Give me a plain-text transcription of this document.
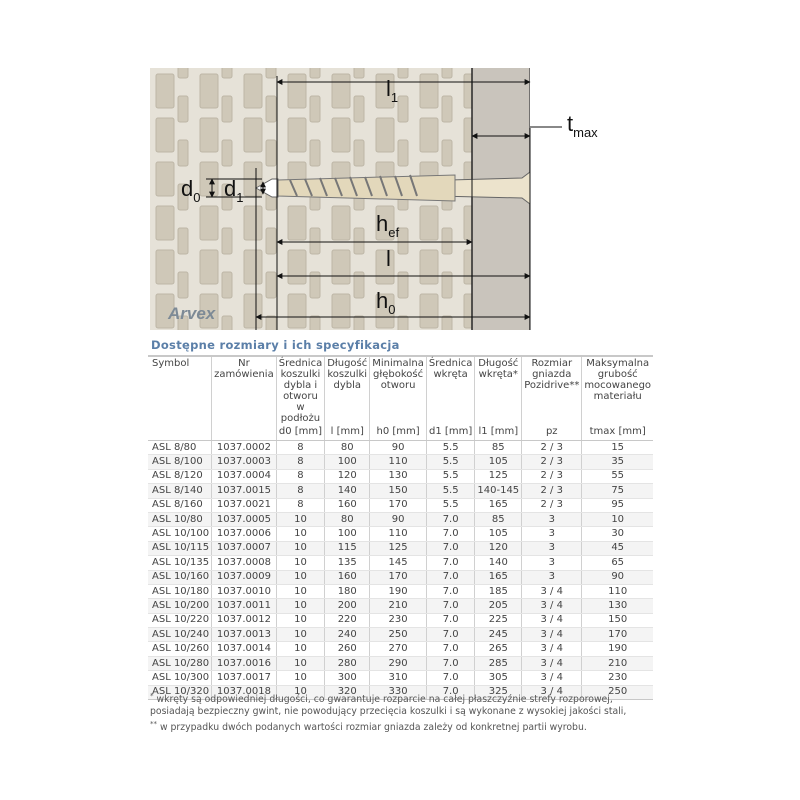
$l_1$
$t_{max}$
$d_0$ $d_1$
$h_{ef}$
l
$h_0$
Arvex
Dostępne rozmiary i ich specyfikacja
Symbol	Nr zamówienia	Średnica koszulki dybla i otworu w podłożu	Długość koszulki dybla	Minimalna głębokość otworu	Średnica wkręta	Długość wkręta*	Rozmiar gniazda Pozidrive**	Maksymalna grubość mocowanego materiału
		d0 [mm]	l [mm]	h0 [mm]	d1 [mm]	l1 [mm]	pz	tmax [mm]
ASL 8/80	1037.0002	8	80	90	5.5	85	2 / 3	15
ASL 8/100	1037.0003	8	100	110	5.5	105	2 / 3	35
ASL 8/120	1037.0004	8	120	130	5.5	125	2 / 3	55
ASL 8/140	1037.0015	8	140	150	5.5	140-145	2 / 3	75
ASL 8/160	1037.0021	8	160	170	5.5	165	2 / 3	95
ASL 10/80	1037.0005	10	80	90	7.0	85	3	10
ASL 10/100	1037.0006	10	100	110	7.0	105	3	30
ASL 10/115	1037.0007	10	115	125	7.0	120	3	45
ASL 10/135	1037.0008	10	135	145	7.0	140	3	65
ASL 10/160	1037.0009	10	160	170	7.0	165	3	90
ASL 10/180	1037.0010	10	180	190	7.0	185	3 / 4	110
ASL 10/200	1037.0011	10	200	210	7.0	205	3 / 4	130
ASL 10/220	1037.0012	10	220	230	7.0	225	3 / 4	150
ASL 10/240	1037.0013	10	240	250	7.0	245	3 / 4	170
ASL 10/260	1037.0014	10	260	270	7.0	265	3 / 4	190
ASL 10/280	1037.0016	10	280	290	7.0	285	3 / 4	210
ASL 10/300	1037.0017	10	300	310	7.0	305	3 / 4	230
ASL 10/320	1037.0018	10	320	330	7.0	325	3 / 4	250
* wkręty są odpowiedniej długości, co gwarantuje rozparcie na całej płaszczyźnie strefy rozporowej, posiadają bezpieczny gwint, nie powodujący przecięcia koszulki i są wykonane z wysokiej jakości stali,
** w przypadku dwóch podanych wartości rozmiar gniazda zależy od konkretnej partii wyrobu.
